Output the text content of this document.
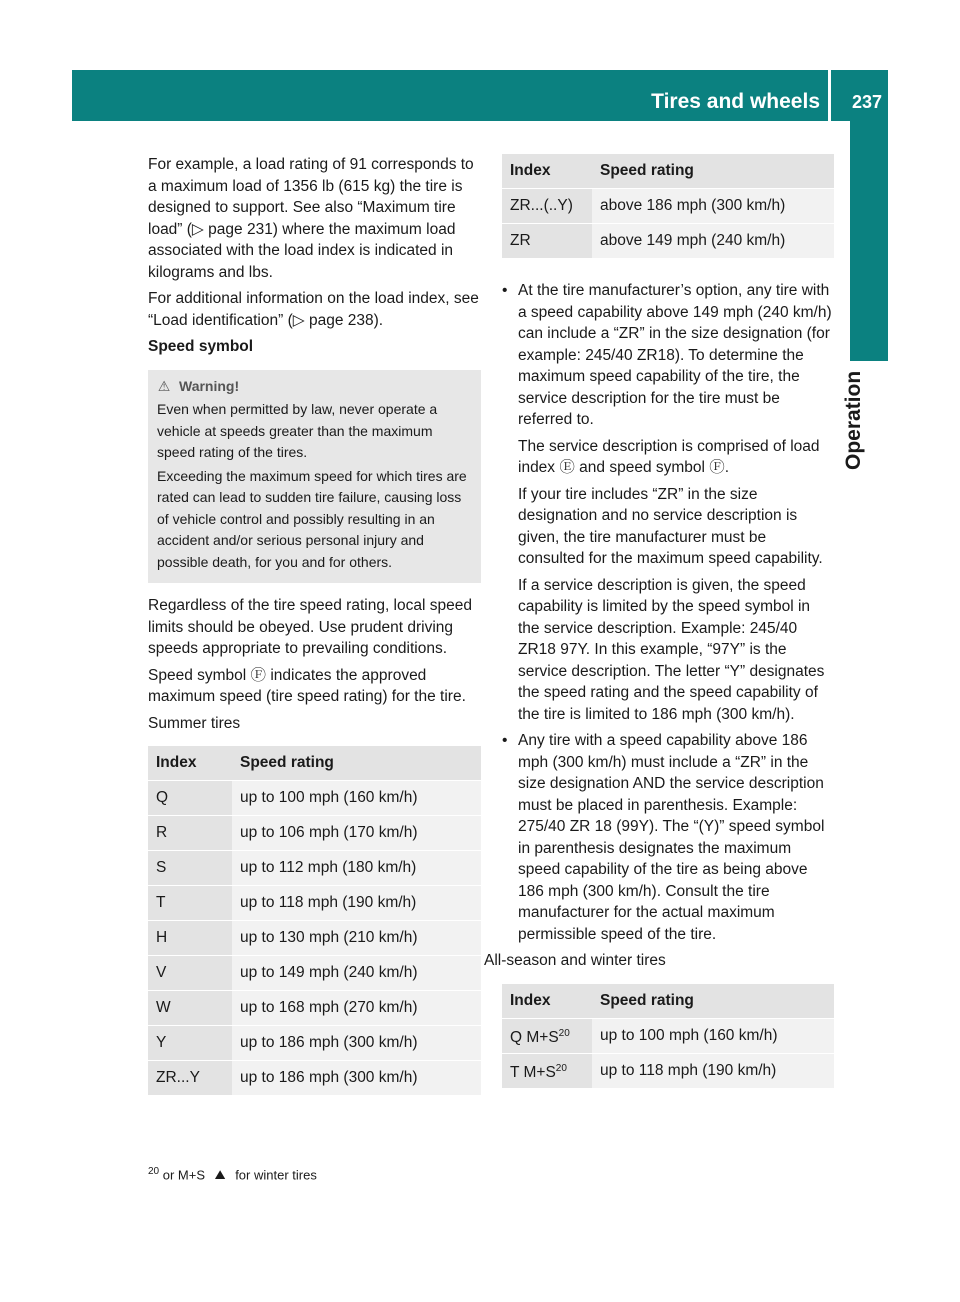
Tires and wheels 237
Operation

For example, a load rating of 91 corresponds to a maximum load of 1356 lb (615 kg) the tire is designed to support. See also “Maximum tire load” (▷ page 231) where the maximum load associated with the load index is indicated in kilograms and lbs.

For additional information on the load index, see “Load identification” (▷ page 238).

Speed symbol

⚠ Warning!

Even when permitted by law, never operate a vehicle at speeds greater than the maximum speed rating of the tires.

Exceeding the maximum speed for which tires are rated can lead to sudden tire failure, causing loss of vehicle control and possibly resulting in an accident and/or serious personal injury and possible death, for you and for others.

Regardless of the tire speed rating, local speed limits should be obeyed. Use prudent driving speeds appropriate to prevailing conditions.

Speed symbol Ⓕ indicates the approved maximum speed (tire speed rating) for the tire.

Summer tires

Index	Speed rating
Q	up to 100 mph (160 km/h)
R	up to 106 mph (170 km/h)
S	up to 112 mph (180 km/h)
T	up to 118 mph (190 km/h)
H	up to 130 mph (210 km/h)
V	up to 149 mph (240 km/h)
W	up to 168 mph (270 km/h)
Y	up to 186 mph (300 km/h)
ZR...Y	up to 186 mph (300 km/h)
Index	Speed rating
ZR...(..Y)	above 186 mph (300 km/h)
ZR	above 149 mph (240 km/h)
• At the tire manufacturer’s option, any tire with a speed capability above 149 mph (240 km/h) can include a “ZR” in the size designation (for example: 245/40 ZR18). To determine the maximum speed capability of the tire, the service description for the tire must be referred to.

The service description is comprised of load index Ⓔ and speed symbol Ⓕ.

If your tire includes “ZR” in the size designation and no service description is given, the tire manufacturer must be consulted for the maximum speed capability.

If a service description is given, the speed capability is limited by the speed symbol in the service description. Example: 245/40 ZR18 97Y. In this example, “97Y” is the service description. The letter “Y” designates the speed rating and the speed capability of the tire is limited to 186 mph (300 km/h).

• Any tire with a speed capability above 186 mph (300 km/h) must include a “ZR” in the size designation AND the service description must be placed in parenthesis. Example: 275/40 ZR 18 (99Y). The “(Y)” speed symbol in parenthesis designates the maximum speed capability of the tire as being above 186 mph (300 km/h). Consult the tire manufacturer for the actual maximum permissible speed of the tire.

All-season and winter tires

Index	Speed rating
Q $M+S^{20}$	up to 100 mph (160 km/h)
T $M+S^{20}$	up to 118 mph (190 km/h)
$^{20}$ or M+S ⛰ for winter tires
